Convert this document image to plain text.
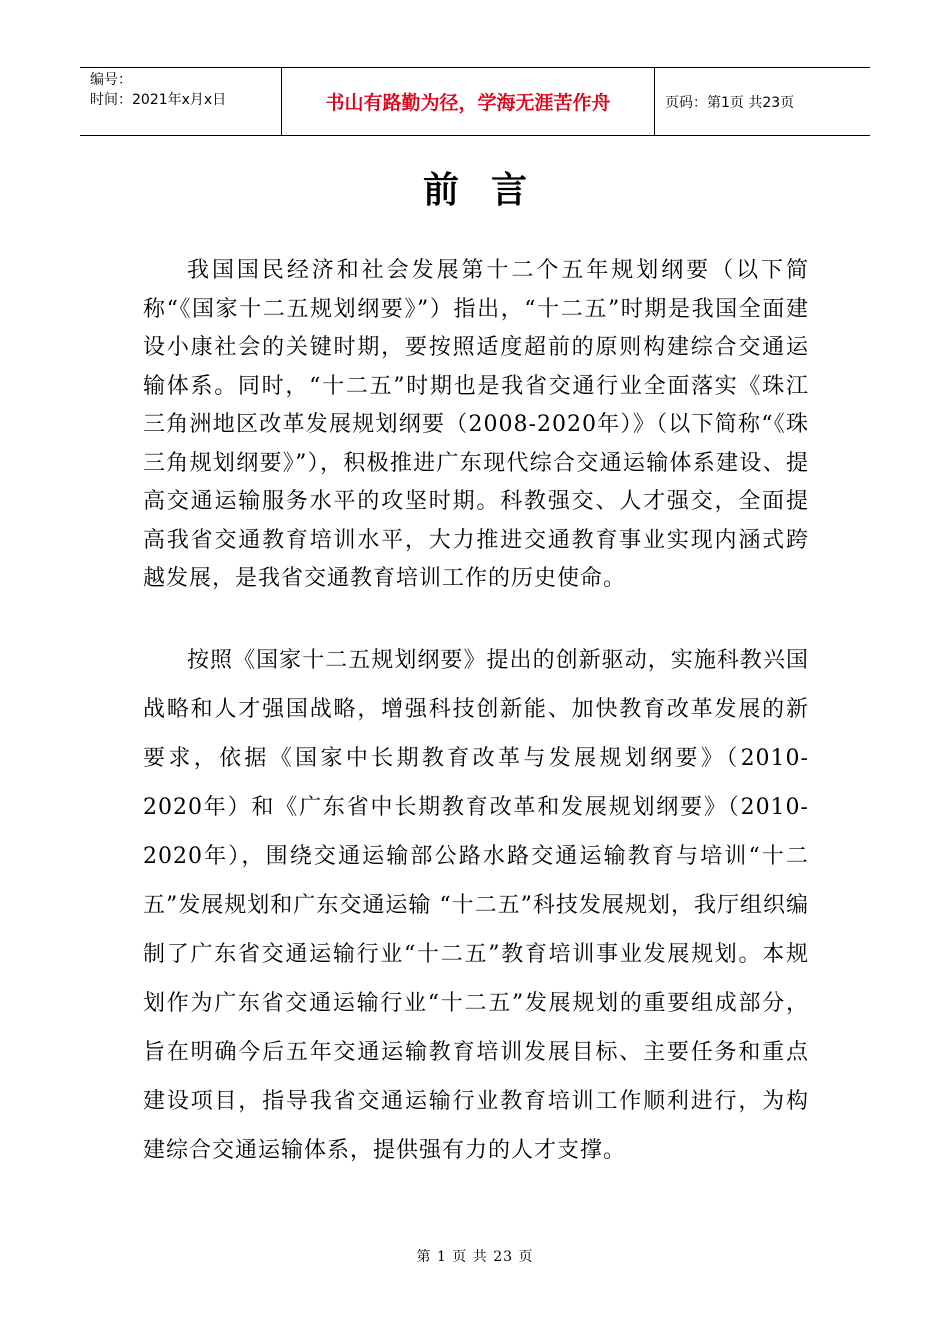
编号：
时间：2021年x月x日	书山有路勤为径，学海无涯苦作舟	页码：第1页 共23页
前言

我国国民经济和社会发展第十二个五年规划纲要（以下简称“《国家十二五规划纲要》”）指出，“十二五”时期是我国全面建设小康社会的关键时期，要按照适度超前的原则构建综合交通运输体系。同时，“十二五”时期也是我省交通行业全面落实《珠江三角洲地区改革发展规划纲要（2008-2020年）》（以下简称“《珠三角规划纲要》”），积极推进广东现代综合交通运输体系建设、提高交通运输服务水平的攻坚时期。科教强交、人才强交，全面提高我省交通教育培训水平，大力推进交通教育事业实现内涵式跨越发展，是我省交通教育培训工作的历史使命。

按照《国家十二五规划纲要》提出的创新驱动，实施科教兴国战略和人才强国战略，增强科技创新能、加快教育改革发展的新要求，依据《国家中长期教育改革与发展规划纲要》（2010-2020年）和《广东省中长期教育改革和发展规划纲要》（2010-2020年），围绕交通运输部公路水路交通运输教育与培训“十二五”发展规划和广东交通运输 “十二五”科技发展规划，我厅组织编制了广东省交通运输行业“十二五”教育培训事业发展规划。本规划作为广东省交通运输行业“十二五”发展规划的重要组成部分，旨在明确今后五年交通运输教育培训发展目标、主要任务和重点建设项目，指导我省交通运输行业教育培训工作顺利进行，为构建综合交通运输体系，提供强有力的人才支撑。

第 1 页 共 23 页
